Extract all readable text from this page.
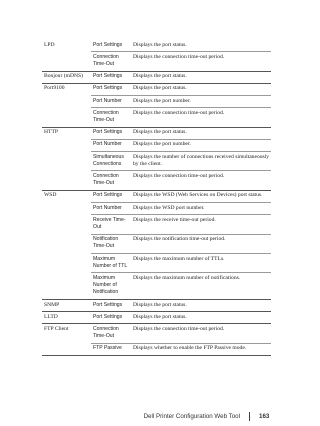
LPD	Port Settings	Displays the port status.
	Connection Time-Out	Displays the connection time-out period.
Bonjour (mDNS)	Port Settings	Displays the port status.
Port9100	Port Settings	Displays the port status.
	Port Number	Displays the port number.
	Connection Time-Out	Displays the connection time-out period.
HTTP	Port Settings	Displays the port status.
	Port Number	Displays the port number.
	Simultaneous Connections	Displays the number of connections received simultaneously by the client.
	Connection Time-Out	Displays the connection time-out period.
WSD	Port Settings	Displays the WSD (Web Services on Devices) port status.
	Port Number	Displays the WSD port number.
	Receive Time-Out	Displays the receive time-out period.
	Notification Time-Out	Displays the notification time-out period.
	Maximum Number of TTL	Displays the maximum number of TTLs.
	Maximum Number of Notification	Displays the maximum number of notifications.
SNMP	Port Settings	Displays the port status.
LLTD	Port Settings	Displays the port status.
FTP Client	Connection Time-Out	Displays the connection time-out period.
	FTP Passive	Displays whether to enable the FTP Passive mode.
Dell Printer Configuration Web Tool	163
